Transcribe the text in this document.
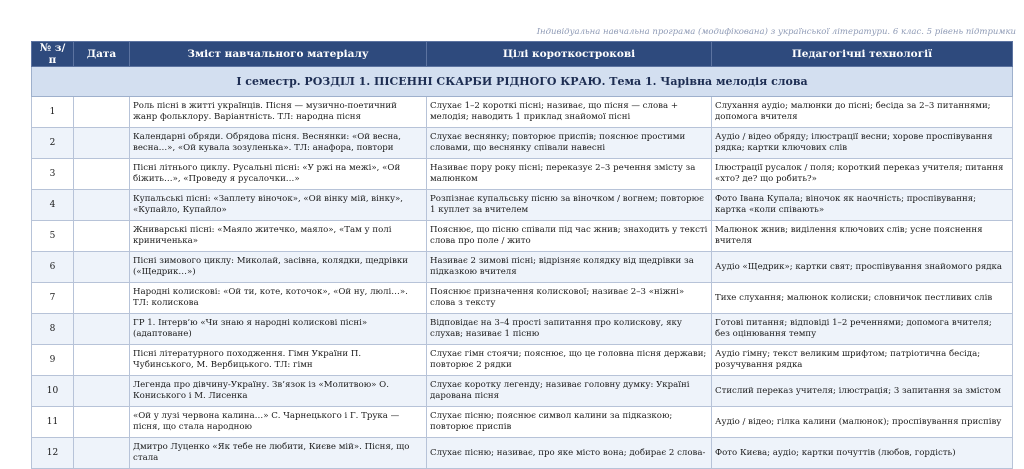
Індивідуальна навчальна програма (модифікована) з української літератури. 6 клас. 5 рівень підтримки
№ з/п	Дата	Зміст навчального матеріалу	Цілі короткострокові	Педагогічні технології
I семестр. РОЗДІЛ 1. ПІСЕННІ СКАРБИ РІДНОГО КРАЮ. Тема 1. Чарівна мелодія слова				
1		Роль пісні в житті українців. Пісня — музично-поетичний жанр фольклору. Варіантність. ТЛ: народна пісня	Слухає 1–2 короткі пісні; називає, що пісня — слова + мелодія; наводить 1 приклад знайомої пісні	Слухання аудіо; малюнки до пісні; бесіда за 2–3 питаннями; допомога вчителя
2		Календарні обряди. Обрядова пісня. Веснянки: «Ой весна, весна…», «Ой кувала зозуленька». ТЛ: анафора, повтори	Слухає веснянку; повторює приспів; пояснює простими словами, що веснянку співали навесні	Аудіо / відео обряду; ілюстрації весни; хорове проспівування рядка; картки ключових слів
3		Пісні літнього циклу. Русальні пісні: «У ржі на межі», «Ой біжить…», «Проведу я русалочки…»	Називає пору року пісні; переказує 2–3 речення змісту за малюнком	Ілюстрації русалок / поля; короткий переказ учителя; питання «хто? де? що робить?»
4		Купальські пісні: «Заплету віночок», «Ой вінку мій, вінку», «Купайло, Купайло»	Розпізнає купальську пісню за віночком / вогнем; повторює 1 куплет за вчителем	Фото Івана Купала; віночок як наочність; проспівування; картка «коли співають»
5		Жниварські пісні: «Маяло житечко, маяло», «Там у полі криниченька»	Пояснює, що пісню співали під час жнив; знаходить у тексті слова про поле / жито	Малюнок жнив; виділення ключових слів; усне пояснення вчителя
6		Пісні зимового циклу: Миколай, засівна, колядки, щедрівки («Щедрик…»)	Називає 2 зимові пісні; відрізняє колядку від щедрівки за підказкою вчителя	Аудіо «Щедрик»; картки свят; проспівування знайомого рядка
7		Народні колискові: «Ой ти, коте, коточок», «Ой ну, люлі…». ТЛ: колискова	Пояснює призначення колискової; називає 2–3 «ніжні» слова з тексту	Тихе слухання; малюнок колиски; словничок пестливих слів
8		ГР 1. Інтерв’ю «Чи знаю я народні колискові пісні» (адаптоване)	Відповідає на 3–4 прості запитання про колискову, яку слухав; називає 1 пісню	Готові питання; відповіді 1–2 реченнями; допомога вчителя; без оцінювання темпу
9		Пісні літературного походження. Гімн України П. Чубинського, М. Вербицького. ТЛ: гімн	Слухає гімн стоячи; пояснює, що це головна пісня держави; повторює 2 рядки	Аудіо гімну; текст великим шрифтом; патріотична бесіда; розучування рядка
10		Легенда про дівчину-Україну. Зв’язок із «Молитвою» О. Кониського і М. Лисенка	Слухає коротку легенду; називає головну думку: Україні дарована пісня	Стислий переказ учителя; ілюстрація; 3 запитання за змістом
11		«Ой у лузі червона калина…» С. Чарнецького і Г. Трука — пісня, що стала народною	Слухає пісню; пояснює символ калини за підказкою; повторює приспів	Аудіо / відео; гілка калини (малюнок); проспівування приспіву
12		Дмитро Луценко «Як тебе не любити, Києве мій». Пісня, що стала	Слухає пісню; називає, про яке місто вона; добирає 2 слова-	Фото Києва; аудіо; картки почуттів (любов, гордість)
